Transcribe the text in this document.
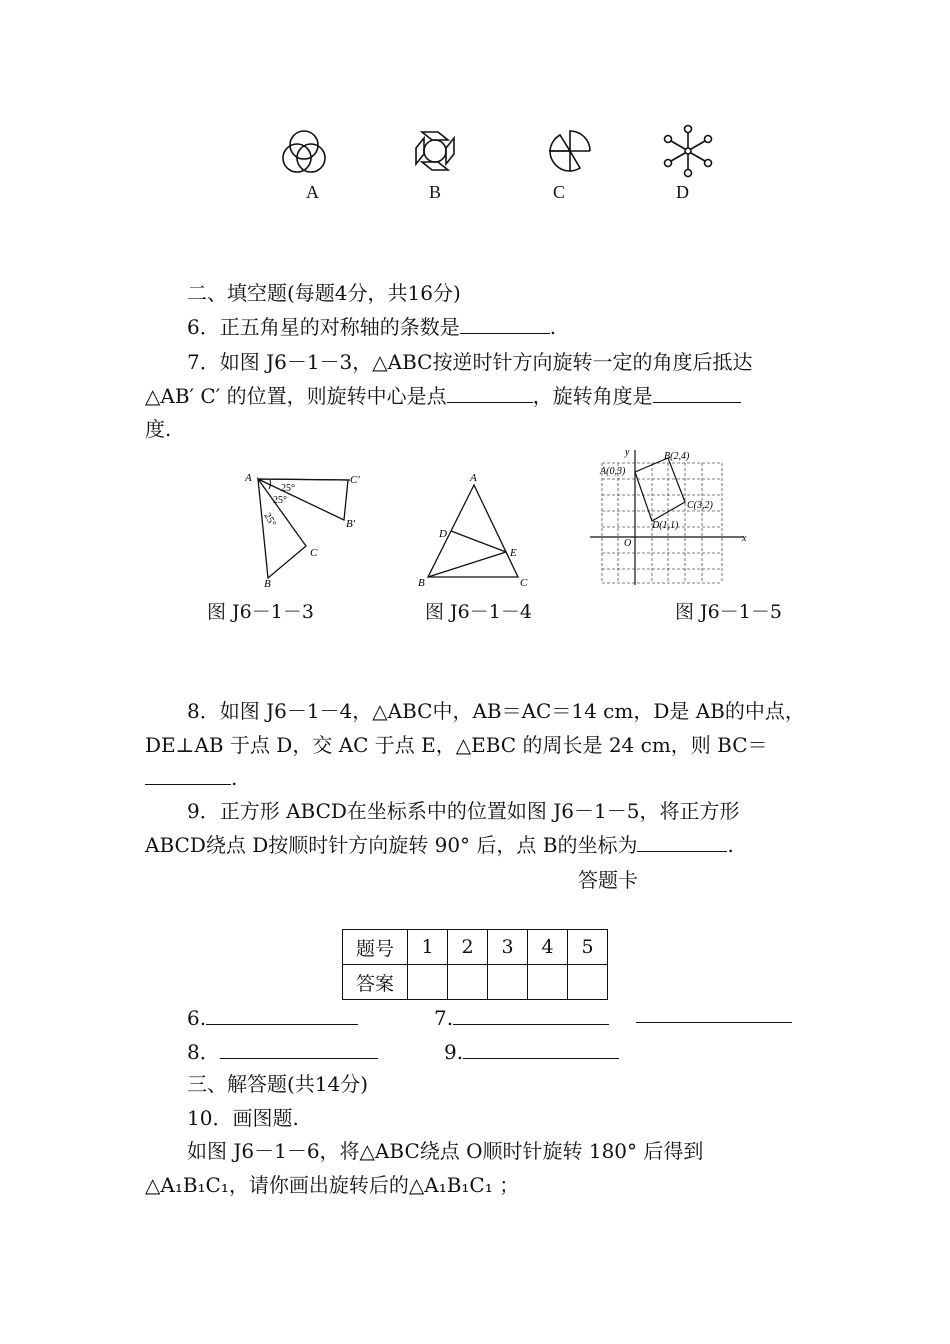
A	B	C	D
二、填空题(每题4分，共16分)
6．正五角星的对称轴的条数是	.
7．如图 J6－1－3，△ABC按逆时针方向旋转一定的角度后抵达
△AB′ C′ 的位置，则旋转中心是点	，旋转角度是
度.
A
B
C
B′
C′
25°
25°
25°
图 J6－1－3
A
B	C
D
E
图 J6－1－4
y
x
O
A(0,3)
B(2,4)
C(3,2)
D(1,1)
图 J6－1－5
8．如图 J6－1－4，△ABC中，AB＝AC＝14 cm，D是 AB的中点，
DE⊥AB 于点 D，交 AC 于点 E，△EBC 的周长是 24 cm，则 BC＝
.
9．正方形 ABCD在坐标系中的位置如图 J6－1－5，将正方形
ABCD绕点 D按顺时针方向旋转 90° 后，点 B的坐标为	.
答题卡
题号	1	2	3	4	5
答案					
6.	7.
8．	9.
三、解答题(共14分)
10．画图题.
如图 J6－1－6，将△ABC绕点 O顺时针旋转 180° 后得到
△A₁B₁C₁，请你画出旋转后的△A₁B₁C₁ ；
